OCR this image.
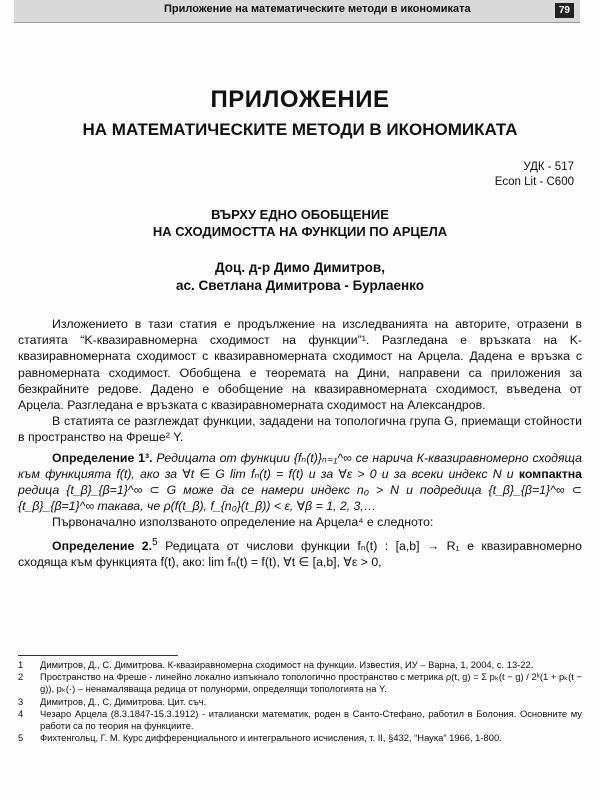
Приложение на математическите методи в икономиката	79
ПРИЛОЖЕНИЕ
НА МАТЕМАТИЧЕСКИТЕ МЕТОДИ В ИКОНОМИКАТА
УДК - 517
Econ Lit - C600
ВЪРХУ ЕДНО ОБОБЩЕНИЕ
НА СХОДИМОСТТА НА ФУНКЦИИ ПО АРЦЕЛА
Доц. д-р Димо Димитров,
ас. Светлана Димитрова - Бурлаенко

Изложението в тази статия е продължение на изследванията на авторите, отразени в статията “K-квазиравномерна сходимост на функции”¹. Разгледана е връзката на K-квазиравномерната сходимост с квазиравномерната сходимост на Арцела. Дадена е връзка с равномерната сходимост. Обобщена е теоремата на Дини, направени са приложения за безкрайните редове. Дадено е обобщение на квазиравномерната сходимост, въведена от Арцела. Разгледана е връзката с квазиравномерната сходимост на Александров.

В статията се разглеждат функции, зададени на топологична група G, приемащи стойности в пространство на Фреше² Y.

Определение 1³. Редицата от функции {fₙ(t)}ₙ₌₁^∞ се нарича К-квазиравномерно сходяща към функцията f(t), ако за ∀t ∈ G lim fₙ(t) = f(t) и за ∀ε > 0 и за всеки индекс N и компактна редица {t_β}_{β=1}^∞ ⊂ G може да се намери индекс n₀ > N и подредица {t_β}_{β=1}^∞ ⊂ {t_β}_{β=1}^∞ такава, че ρ(f(t_β), f_{n₀}(t_β)) < ε, ∀β = 1, 2, 3,…

Първоначално използваното определение на Арцела⁴ е следното:

Определение 2.$^5$ Редицата от числови функции fₙ(t) : [a,b] → R₁ е квазиравномерно сходяща към функцията f(t), ако: lim fₙ(t) = f(t), ∀t ∈ [a,b], ∀ε > 0,

1	Димитров, Д., С. Димитрова. К-квазиравномерна сходимост на функции. Известия, ИУ – Варна, 1, 2004, с. 13-22.
2	Пространство на Фреше - линейно локално изпъкнало топологично пространство с метрика ρ(t, g) = Σ pₖ(t − g) / 2ᵏ(1 + pₖ(t − g)), pₖ(·) – ненамаляваща редица от полунорми, определящи топологията на Y.
3	Димитров, Д., С. Димитрова. Цит. съч.
4	Чезаро Арцела (8.3.1847-15.3.1912) - италиански математик, роден в Санто-Стефано, работил в Болония. Основните му работи са по теория на функциите.
5	Фихтенгольц, Г. М. Курс дифференциального и интегрального исчисления, т. II, §432, “Наука” 1966, 1-800.
